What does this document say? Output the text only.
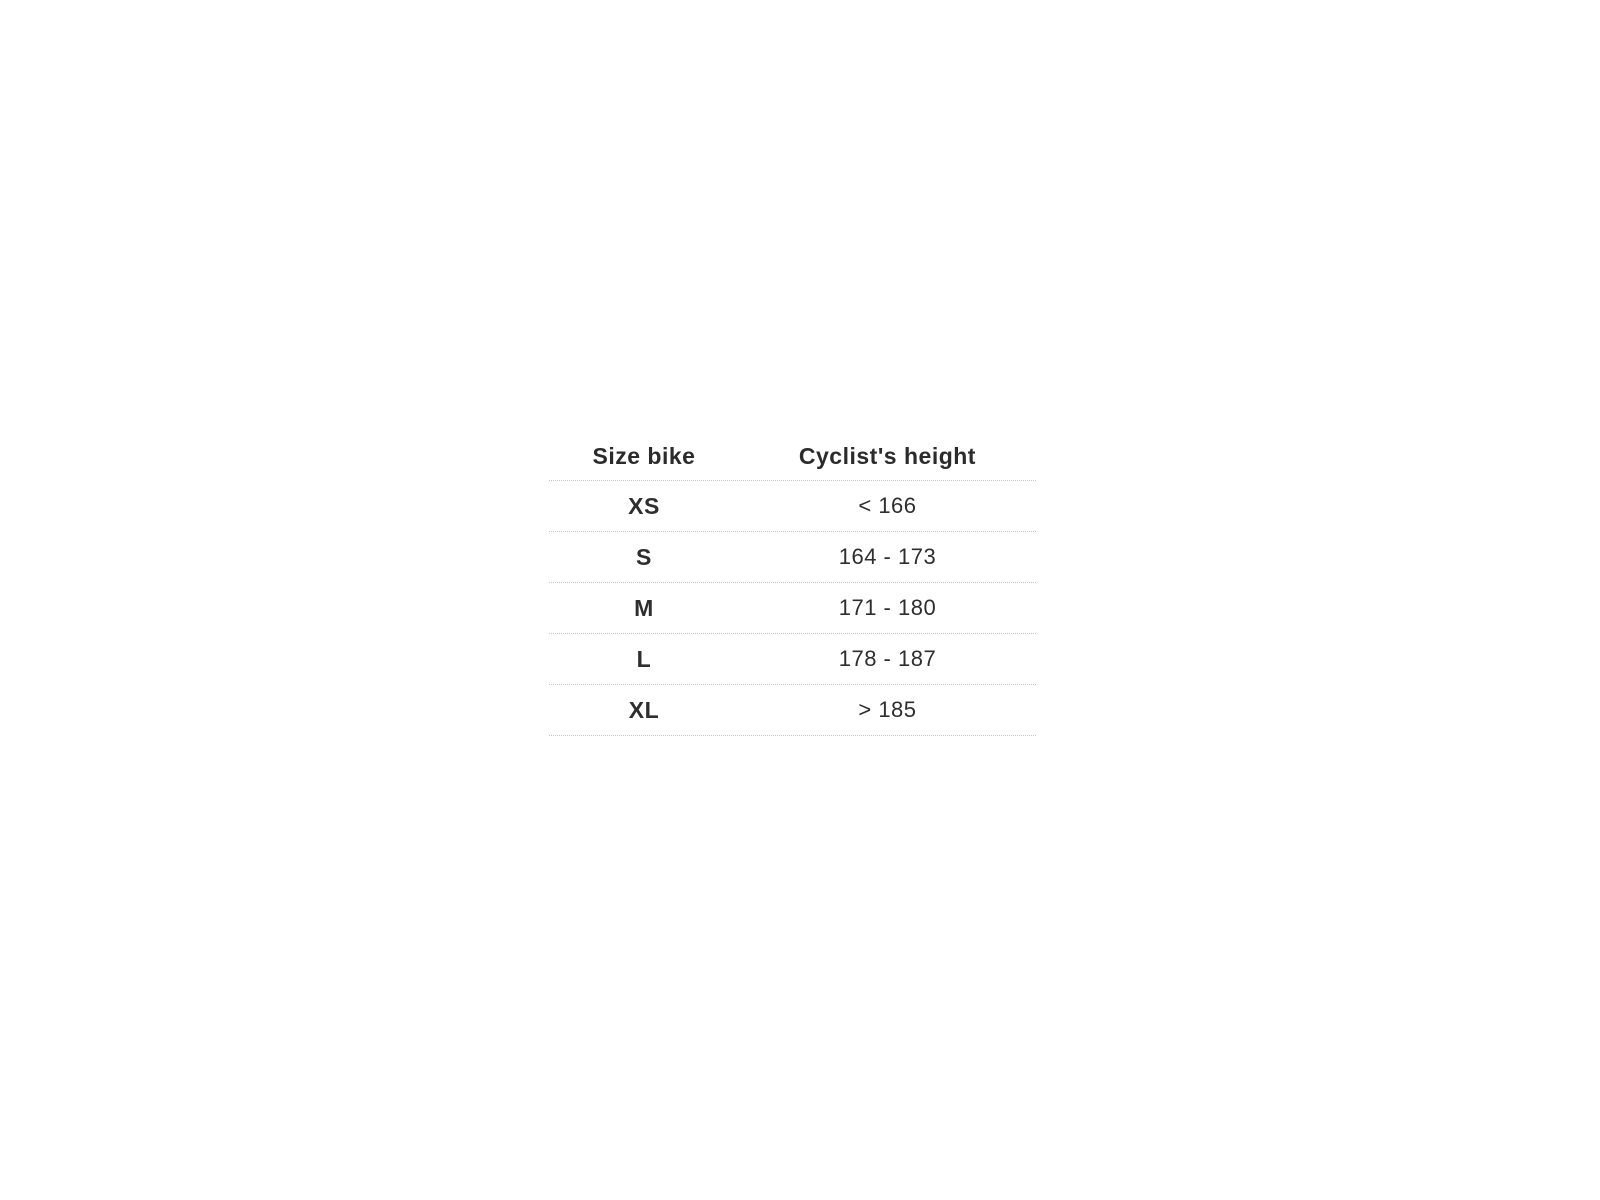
Size bike	Cyclist's height
XS	< 166
S	164 - 173
M	171 - 180
L	178 - 187
XL	> 185
